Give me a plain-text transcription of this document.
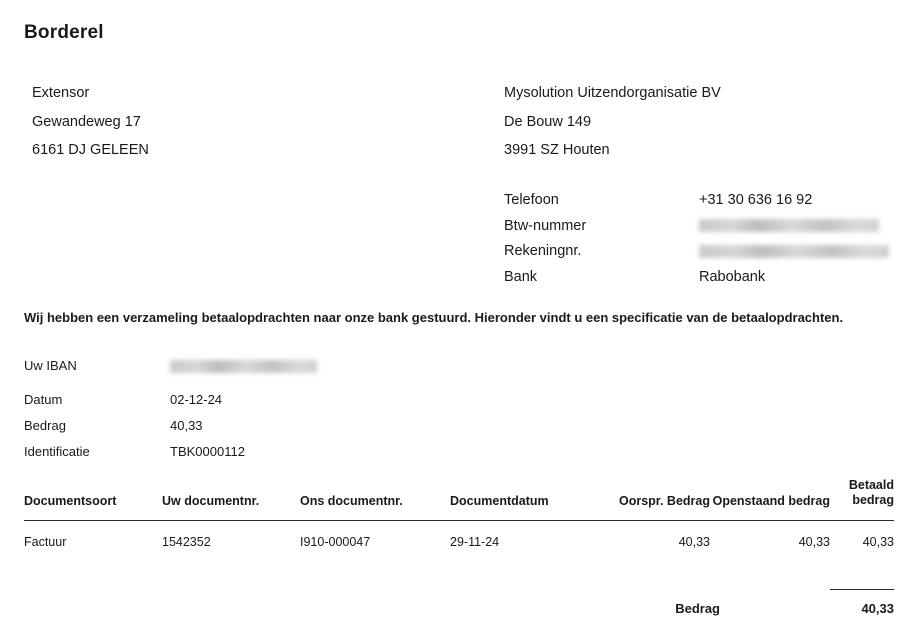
Borderel
Extensor
Gewandeweg 17
6161 DJ GELEEN
Mysolution Uitzendorganisatie BV
De Bouw 149
3991 SZ Houten
Telefoon	+31 30 636 16 92
Btw-nummer
Rekeningnr.
Bank	Rabobank
Wij hebben een verzameling betaalopdrachten naar onze bank gestuurd. Hieronder vindt u een specificatie van de betaalopdrachten.
Uw IBAN
Datum	02-12-24
Bedrag	40,33
Identificatie	TBK0000112
Documentsoort	Uw documentnr.	Ons documentnr.	Documentdatum	Oorspr. Bedrag	Openstaand bedrag	Betaald
bedrag
Factuur	1542352	I910-000047	29-11-24	40,33	40,33	40,33
Bedrag	40,33
